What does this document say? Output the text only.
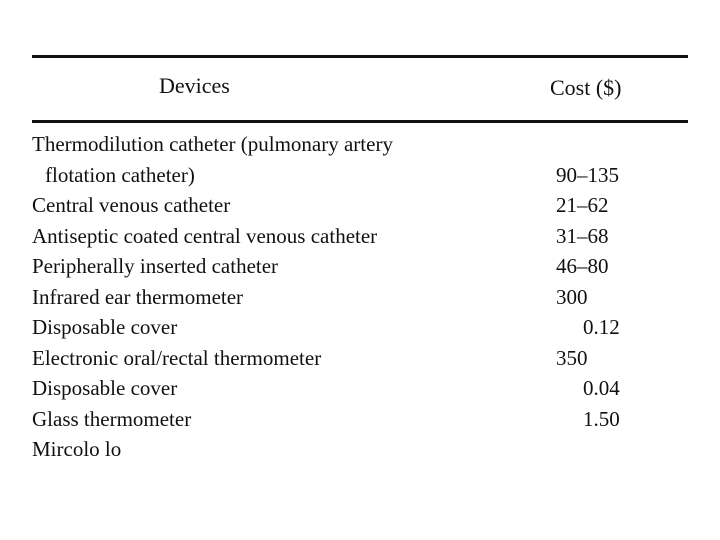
Devices	Cost ($)
Thermodilution catheter (pulmonary artery
flotation catheter)	90–135
Central venous catheter	21–62
Antiseptic coated central venous catheter	31–68
Peripherally inserted catheter	46–80
Infrared ear thermometer	300
Disposable cover	0.12
Electronic oral/rectal thermometer	350
Disposable cover	0.04
Glass thermometer	1.50
Mircolo lo
